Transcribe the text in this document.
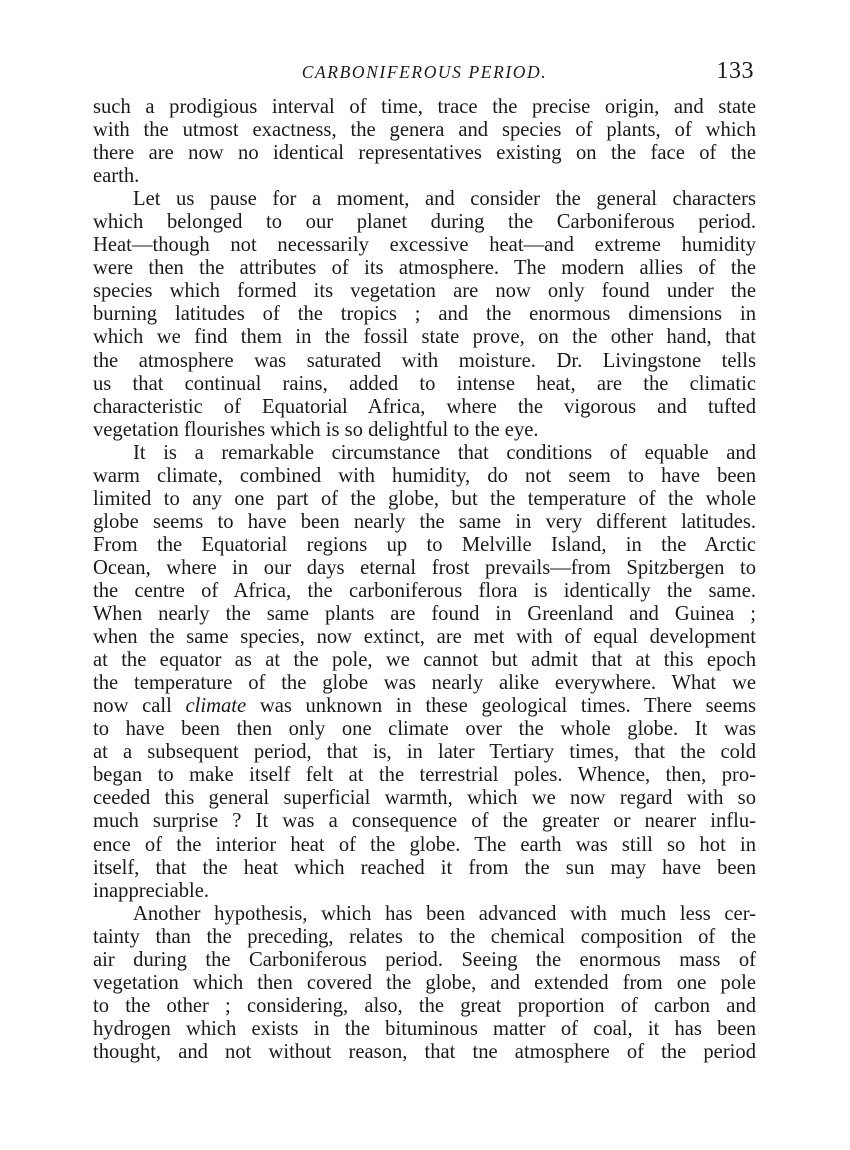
CARBONIFEROUS PERIOD.	133

such a prodigious interval of time, trace the precise origin, and state
with the utmost exactness, the genera and species of plants, of which
there are now no identical representatives existing on the face of the
earth.

Let us pause for a moment, and consider the general characters
which belonged to our planet during the Carboniferous period.
Heat—though not necessarily excessive heat—and extreme humidity
were then the attributes of its atmosphere. The modern allies of the
species which formed its vegetation are now only found under the
burning latitudes of the tropics ; and the enormous dimensions in
which we find them in the fossil state prove, on the other hand, that
the atmosphere was saturated with moisture. Dr. Livingstone tells
us that continual rains, added to intense heat, are the climatic
characteristic of Equatorial Africa, where the vigorous and tufted
vegetation flourishes which is so delightful to the eye.

It is a remarkable circumstance that conditions of equable and
warm climate, combined with humidity, do not seem to have been
limited to any one part of the globe, but the temperature of the whole
globe seems to have been nearly the same in very different latitudes.
From the Equatorial regions up to Melville Island, in the Arctic
Ocean, where in our days eternal frost prevails—from Spitzbergen to
the centre of Africa, the carboniferous flora is identically the same.
When nearly the same plants are found in Greenland and Guinea ;
when the same species, now extinct, are met with of equal development
at the equator as at the pole, we cannot but admit that at this epoch
the temperature of the globe was nearly alike everywhere. What we
now call climate was unknown in these geological times. There seems
to have been then only one climate over the whole globe. It was
at a subsequent period, that is, in later Tertiary times, that the cold
began to make itself felt at the terrestrial poles. Whence, then, pro-
ceeded this general superficial warmth, which we now regard with so
much surprise ? It was a consequence of the greater or nearer influ-
ence of the interior heat of the globe. The earth was still so hot in
itself, that the heat which reached it from the sun may have been
inappreciable.

Another hypothesis, which has been advanced with much less cer-
tainty than the preceding, relates to the chemical composition of the
air during the Carboniferous period. Seeing the enormous mass of
vegetation which then covered the globe, and extended from one pole
to the other ; considering, also, the great proportion of carbon and
hydrogen which exists in the bituminous matter of coal, it has been
thought, and not without reason, that tne atmosphere of the period
